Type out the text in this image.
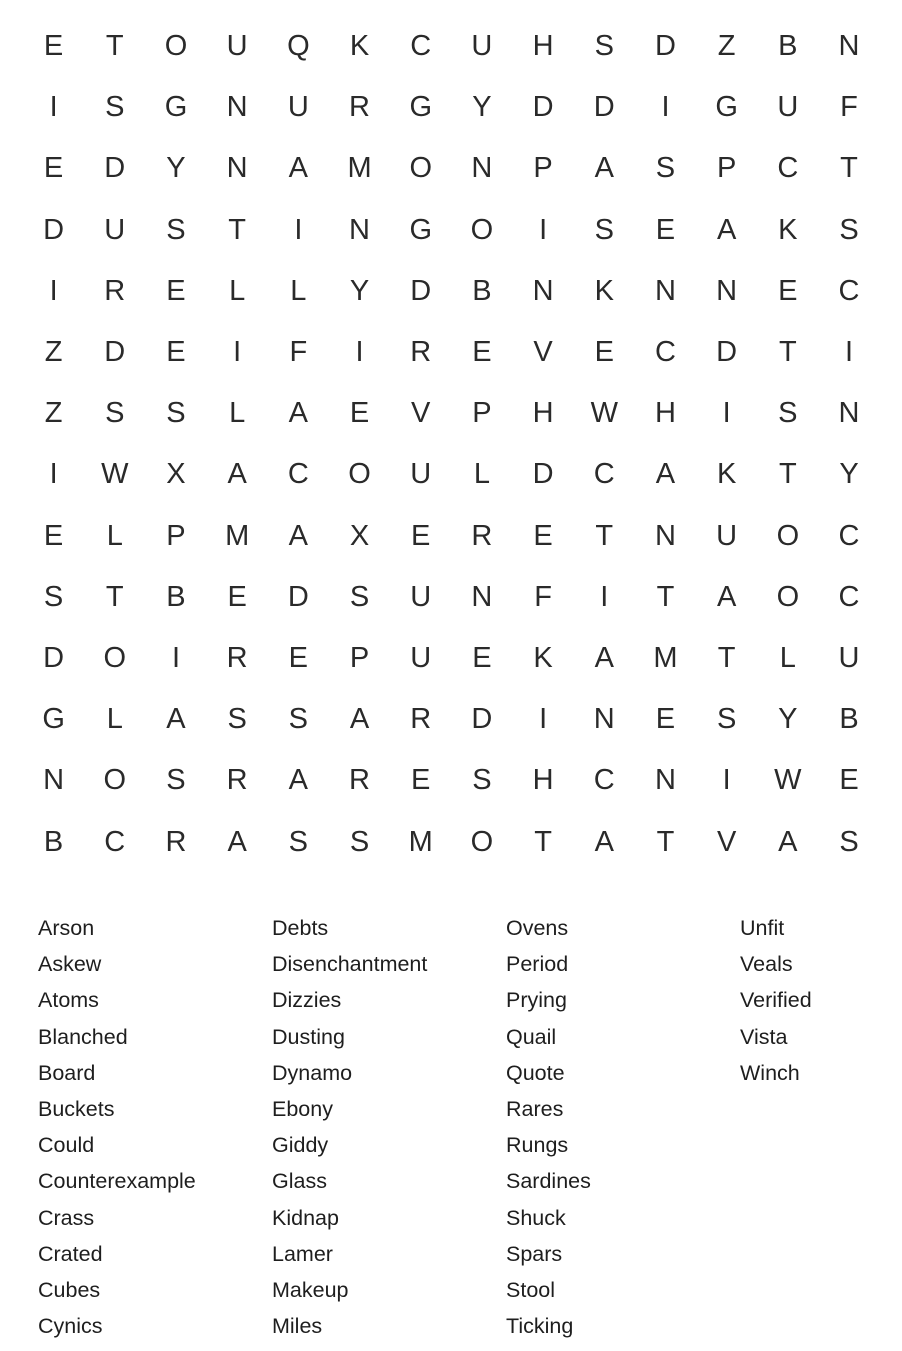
E	T	O	U	Q	K	C	U	H	S	D	Z	B	N
I	S	G	N	U	R	G	Y	D	D	I	G	U	F
E	D	Y	N	A	M	O	N	P	A	S	P	C	T
D	U	S	T	I	N	G	O	I	S	E	A	K	S
I	R	E	L	L	Y	D	B	N	K	N	N	E	C
Z	D	E	I	F	I	R	E	V	E	C	D	T	I
Z	S	S	L	A	E	V	P	H	W	H	I	S	N
I	W	X	A	C	O	U	L	D	C	A	K	T	Y
E	L	P	M	A	X	E	R	E	T	N	U	O	C
S	T	B	E	D	S	U	N	F	I	T	A	O	C
D	O	I	R	E	P	U	E	K	A	M	T	L	U
G	L	A	S	S	A	R	D	I	N	E	S	Y	B
N	O	S	R	A	R	E	S	H	C	N	I	W	E
B	C	R	A	S	S	M	O	T	A	T	V	A	S
Arson
Askew
Atoms
Blanched
Board
Buckets
Could
Counterexample
Crass
Crated
Cubes
Cynics
Debts
Disenchantment
Dizzies
Dusting
Dynamo
Ebony
Giddy
Glass
Kidnap
Lamer
Makeup
Miles
Ovens
Period
Prying
Quail
Quote
Rares
Rungs
Sardines
Shuck
Spars
Stool
Ticking
Unfit
Veals
Verified
Vista
Winch
